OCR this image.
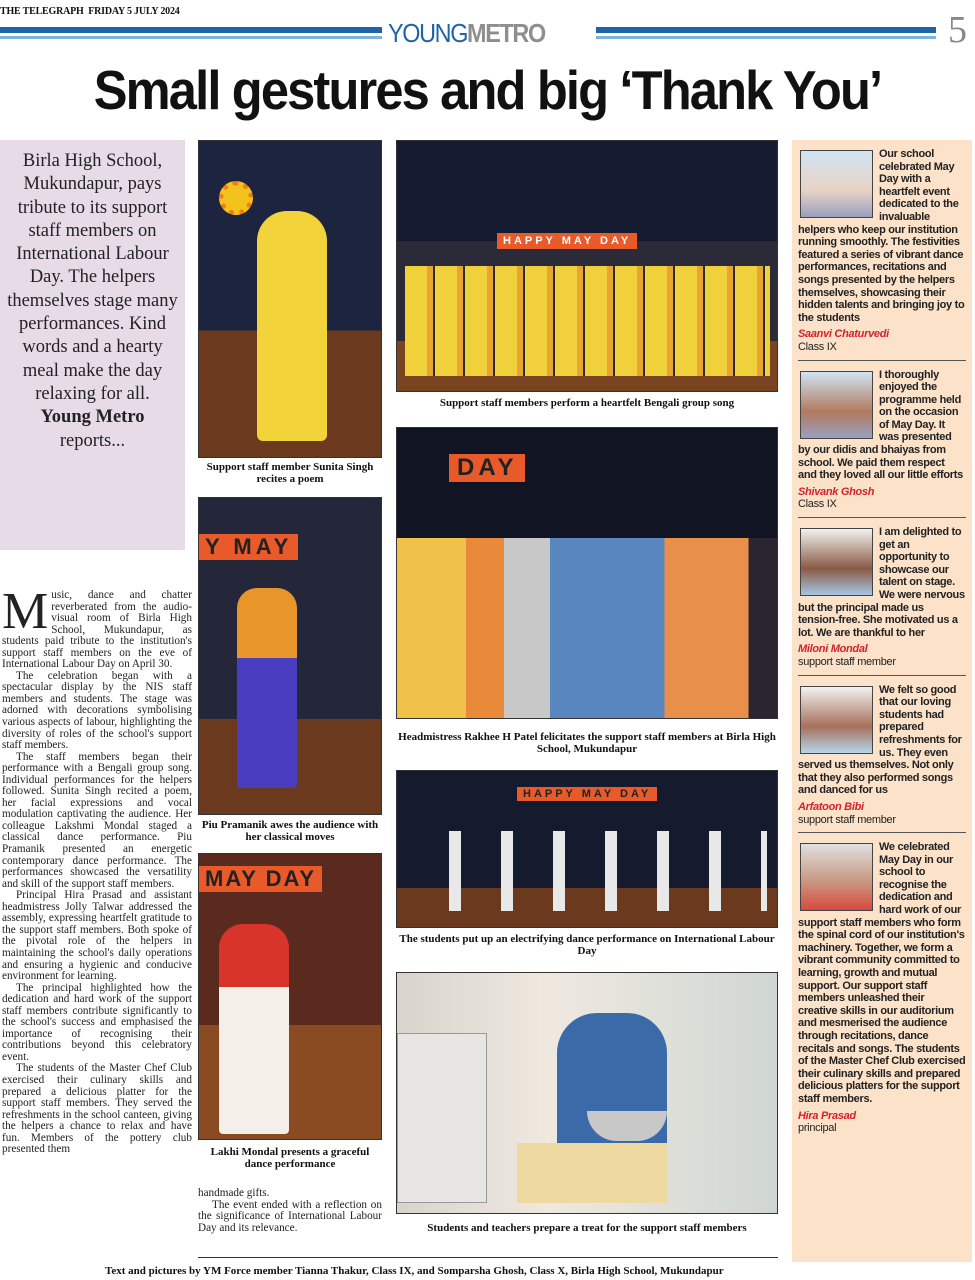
THE TELEGRAPH FRIDAY 5 JULY 2024
YOUNGMETRO	5
Small gestures and big ‘Thank You’
Birla High School, Mukundapur, pays tribute to its support staff members on International Labour Day. The helpers themselves stage many performances. Kind words and a hearty meal make the day relaxing for all.
Young Metro
reports...

Music, dance and chatter reverberated from the audio-visual room of Birla High School, Mukundapur, as students paid tribute to the institution's support staff members on the eve of International Labour Day on April 30.

The celebration began with a spectacular display by the NIS staff members and students. The stage was adorned with decorations symbolising various aspects of labour, highlighting the diversity of roles of the school's support staff members.

The staff members began their performance with a Bengali group song. Individual performances for the helpers followed. Sunita Singh recited a poem, her facial expressions and vocal modulation captivating the audience. Her colleague Lakshmi Mondal staged a classical dance performance. Piu Pramanik presented an energetic contemporary dance performance. The performances showcased the versatility and skill of the support staff members.

Principal Hira Prasad and assistant headmistress Jolly Talwar addressed the assembly, expressing heartfelt gratitude to the support staff members. Both spoke of the pivotal role of the helpers in maintaining the school's daily operations and ensuring a hygienic and conducive environment for learning.

The principal highlighted how the dedication and hard work of the support staff members contribute significantly to the school's success and emphasised the importance of recognising their contributions beyond this celebratory event.

The students of the Master Chef Club exercised their culinary skills and prepared a delicious platter for the support staff members. They served the refreshments in the school canteen, giving the helpers a chance to relax and have fun. Members of the pottery club presented them

handmade gifts.

The event ended with a reflection on the significance of International Labour Day and its relevance.

Support staff member Sunita Singh recites a poem
HAPPY MAY DAY
Support staff members perform a heartfelt Bengali group song
Y MAY
Piu Pramanik awes the audience with her classical moves
DAY
Headmistress Rakhee H Patel felicitates the support staff members at Birla High School, Mukundapur
MAY DAY
Lakhi Mondal presents a graceful dance performance
HAPPY MAY DAY
The students put up an electrifying dance performance on International Labour Day
Students and teachers prepare a treat for the support staff members
Our school celebrated May Day with a heartfelt event dedicated to the invaluable helpers who keep our institution running smoothly. The festivities featured a series of vibrant dance performances, recitations and songs presented by the helpers themselves, showcasing their hidden talents and bringing joy to the students
Saanvi Chaturvedi
Class IX
I thoroughly enjoyed the programme held on the occasion of May Day. It was presented by our didis and bhaiyas from school. We paid them respect and they loved all our little efforts
Shivank Ghosh
Class IX
I am delighted to get an opportunity to showcase our talent on stage. We were nervous but the principal made us tension-free. She motivated us a lot. We are thankful to her
Miloni Mondal
support staff member
We felt so good that our loving students had prepared refreshments for us. They even served us themselves. Not only that they also performed songs and danced for us
Arfatoon Bibi
support staff member
We celebrated May Day in our school to recognise the dedication and hard work of our support staff members who form the spinal cord of our institution's machinery. Together, we form a vibrant community committed to learning, growth and mutual support. Our support staff members unleashed their creative skills in our auditorium and mesmerised the audience through recitations, dance recitals and songs. The students of the Master Chef Club exercised their culinary skills and prepared delicious platters for the support staff members.
Hira Prasad
principal
Text and pictures by YM Force member Tianna Thakur, Class IX, and Somparsha Ghosh, Class X, Birla High School, Mukundapur
